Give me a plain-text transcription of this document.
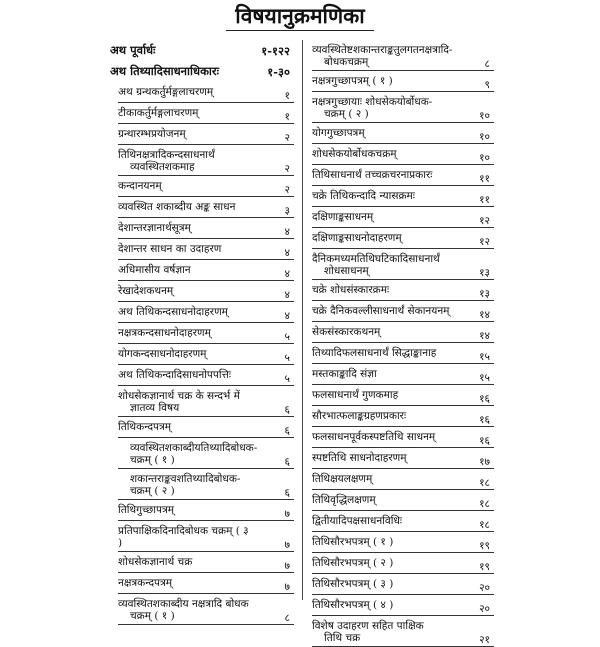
विषयानुक्रमणिका
अथ पूर्वार्धः	१-१२२
अथ तिथ्यादिसाधनाधिकारः	१-३०
अथ ग्रन्थकर्तुर्मङ्गलाचरणम्	१
टीकाकर्तुर्मङ्गलाचरणम्	१
ग्रन्थारम्भप्रयोजनम्	२
तिथिनक्षत्रादिकन्दसाधनार्थं
व्यवस्थितशकमाह	२
कन्दानयनम्	२
व्यवस्थित शकाब्दीय अङ्क साधन	३
देशान्तरज्ञानार्थसूत्रम्	४
देशान्तर साधन का उदाहरण	४
अधिमासीय वर्षज्ञान	४
रेखादेशकथनम्	४
अथ तिथिकन्दसाधनोदाहरणम्	४
नक्षत्रकन्दसाधनोदाहरणम्	५
योगकन्दसाधनोदाहरणम्	५
अथ तिथिकन्दादिसाधनोपपत्तिः	५
शोधसेकज्ञानार्थ चक्र के सन्दर्भ में
ज्ञातव्य विषय	६
तिथिकन्दपत्रम्	६
व्यवस्थितशकाब्दीयतिथ्यादिबोधक-
चक्रम् ( १ )	६
शकान्तराङ्कवशतिथ्यादिबोधक-
चक्रम् ( २ )	६
तिथिगुच्छापत्रम्	७
प्रतिपाक्षिकदिनादिबोधक चक्रम् ( ३ )	७
शोधसेकज्ञानार्थ चक्र	७
नक्षत्रकन्दपत्रम्	७
व्यवस्थितशकाब्दीय नक्षत्रादि बोधक
चक्रम् ( १ )	८
व्यवस्थितेष्टशकान्तराङ्कतुलगतनक्षत्रादि-
बोधकचक्रम्	८
नक्षत्रगुच्छापत्रम् ( १ )	९
नक्षत्रगुच्छायाः शोधसेकयोर्बोधक-
चक्रम् ( २ )	१०
योगगुच्छापत्रम्	१०
शोधसेकयोर्बोधकचक्रम्	१०
तिथिसाधनार्थं तच्चक्रचरनाप्रकारः	११
चक्रे तिथिकन्दादि न्यासक्रमः	११
दक्षिणाङ्कसाधनम्	१२
दक्षिणाङ्कसाधनोदाहरणम्	१२
दैनिकमध्यमतिथिघटिकादिसाधनार्थं
शोधसाधनम्	१३
चक्रे शोधसंस्कारक्रमः	१३
चक्रे दैनिकवल्लीसाधनार्थं सेकानयनम्	१४
सेकसंस्कारकथनम्	१४
तिथ्यादिफलसाधनार्थं सिद्धाङ्कानाह	१५
मस्तकाङ्कादि संज्ञा	१५
फलसाधनार्थं गुणकमाह	१६
सौरभात्फलाङ्कग्रहणप्रकारः	१६
फलसाधनपूर्वकस्पष्टतिथि साधनम्	१६
स्पष्टतिथि साधनोदाहरणम्	१७
तिथिक्षयलक्षणम्	१८
तिथिवृद्धिलक्षणम्	१८
द्वितीयादिपक्षसाधनविधिः	१८
तिथिसौरभपत्रम् ( १ )	१९
तिथिसौरभपत्रम् ( २ )	१९
तिथिसौरभपत्रम् ( ३ )	२०
तिथिसौरभपत्रम् ( ४ )	२०
विशेष उदाहरण सहित पाक्षिक
तिथि चक्र	२१
